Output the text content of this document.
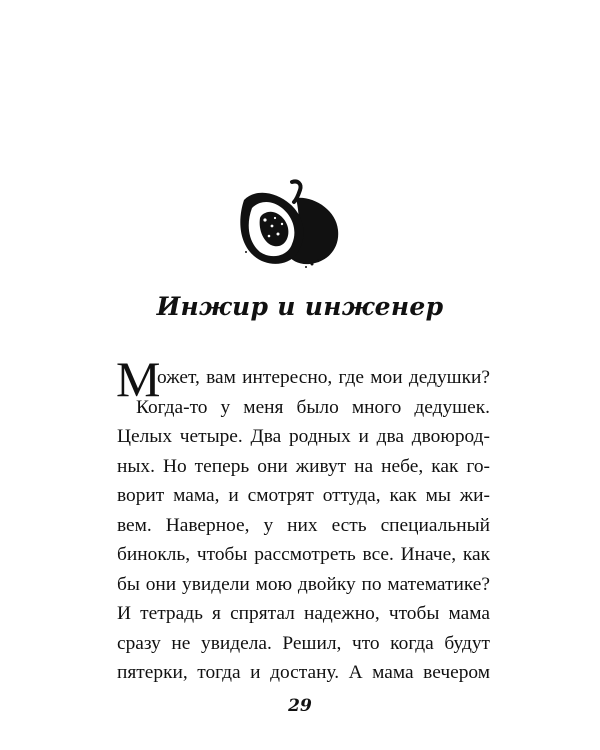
Инжир и инженер
М
ожет, вам интересно, где мои дедушки?
Когда-то у меня было много дедушек.
Целых четыре. Два родных и два двоюрод-
ных. Но теперь они живут на небе, как го-
ворит мама, и смотрят оттуда, как мы жи-
вем. Наверное, у них есть специальный
бинокль, чтобы рассмотреть все. Иначе, как
бы они увидели мою двойку по математике?
И тетрадь я спрятал надежно, чтобы мама
сразу не увидела. Решил, что когда будут
пятерки, тогда и достану. А мама вечером
29
